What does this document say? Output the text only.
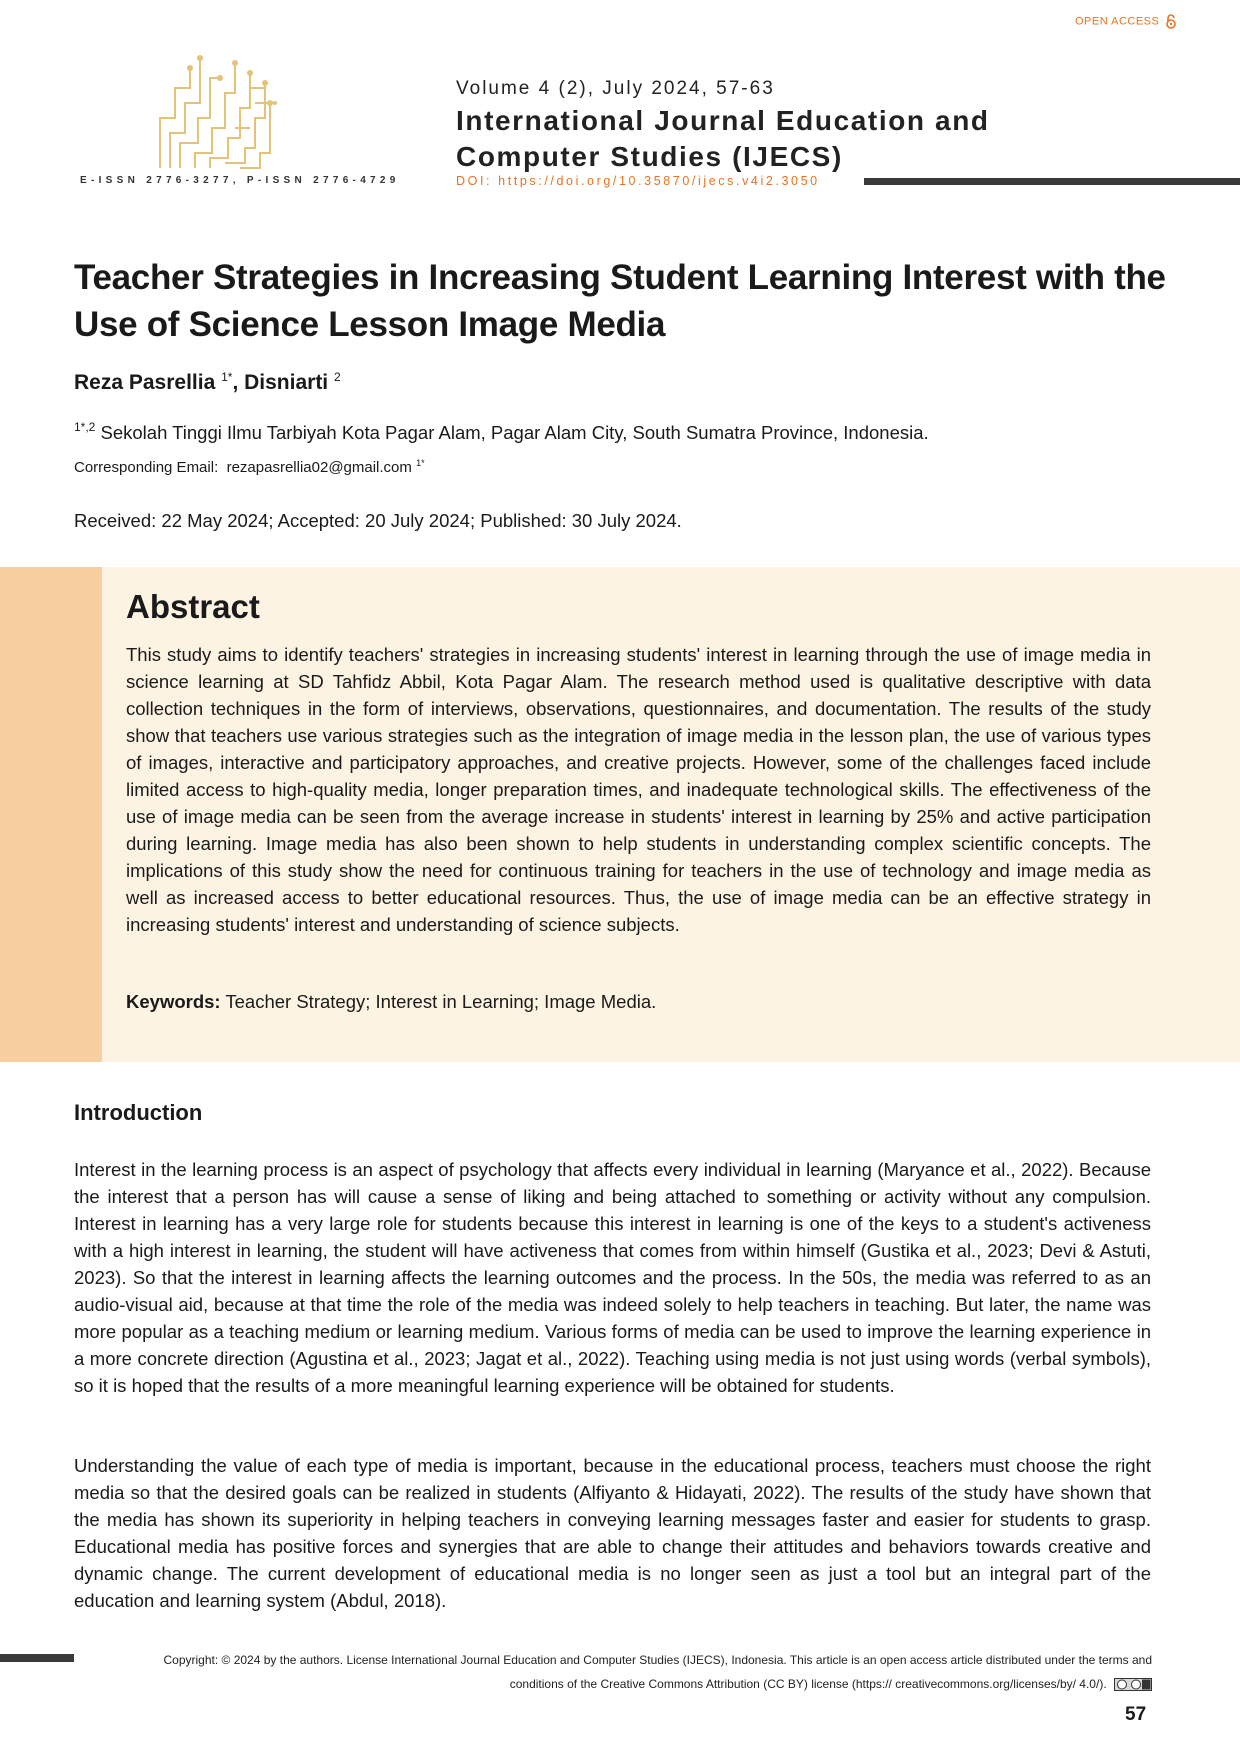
OPEN ACCESS
E-ISSN 2776-3277, P-ISSN 2776-4729
Volume 4 (2), July 2024, 57-63
International Journal Education and Computer Studies (IJECS)
DOI: https://doi.org/10.35870/ijecs.v4i2.3050
Teacher Strategies in Increasing Student Learning Interest with the Use of Science Lesson Image Media
Reza Pasrellia $^{1*}$, Disniarti $^2$
$^{1*,2}$ Sekolah Tinggi Ilmu Tarbiyah Kota Pagar Alam, Pagar Alam City, South Sumatra Province, Indonesia.
Corresponding Email: rezapasrellia02@gmail.com $^{1*}$
Received: 22 May 2024; Accepted: 20 July 2024; Published: 30 July 2024.
Abstract
This study aims to identify teachers' strategies in increasing students' interest in learning through the use of image media in science learning at SD Tahfidz Abbil, Kota Pagar Alam. The research method used is qualitative descriptive with data collection techniques in the form of interviews, observations, questionnaires, and documentation. The results of the study show that teachers use various strategies such as the integration of image media in the lesson plan, the use of various types of images, interactive and participatory approaches, and creative projects. However, some of the challenges faced include limited access to high-quality media, longer preparation times, and inadequate technological skills. The effectiveness of the use of image media can be seen from the average increase in students' interest in learning by 25% and active participation during learning. Image media has also been shown to help students in understanding complex scientific concepts. The implications of this study show the need for continuous training for teachers in the use of technology and image media as well as increased access to better educational resources. Thus, the use of image media can be an effective strategy in increasing students' interest and understanding of science subjects.
Keywords: Teacher Strategy; Interest in Learning; Image Media.
Introduction
Interest in the learning process is an aspect of psychology that affects every individual in learning (Maryance et al., 2022). Because the interest that a person has will cause a sense of liking and being attached to something or activity without any compulsion. Interest in learning has a very large role for students because this interest in learning is one of the keys to a student's activeness with a high interest in learning, the student will have activeness that comes from within himself (Gustika et al., 2023; Devi & Astuti, 2023). So that the interest in learning affects the learning outcomes and the process. In the 50s, the media was referred to as an audio-visual aid, because at that time the role of the media was indeed solely to help teachers in teaching. But later, the name was more popular as a teaching medium or learning medium. Various forms of media can be used to improve the learning experience in a more concrete direction (Agustina et al., 2023; Jagat et al., 2022). Teaching using media is not just using words (verbal symbols), so it is hoped that the results of a more meaningful learning experience will be obtained for students.
Understanding the value of each type of media is important, because in the educational process, teachers must choose the right media so that the desired goals can be realized in students (Alfiyanto & Hidayati, 2022). The results of the study have shown that the media has shown its superiority in helping teachers in conveying learning messages faster and easier for students to grasp. Educational media has positive forces and synergies that are able to change their attitudes and behaviors towards creative and dynamic change. The current development of educational media is no longer seen as just a tool but an integral part of the education and learning system (Abdul, 2018).
Copyright: © 2024 by the authors. License International Journal Education and Computer Studies (IJECS), Indonesia. This article is an open access article distributed under the terms and conditions of the Creative Commons Attribution (CC BY) license (https:// creativecommons.org/licenses/by/ 4.0/).
57
